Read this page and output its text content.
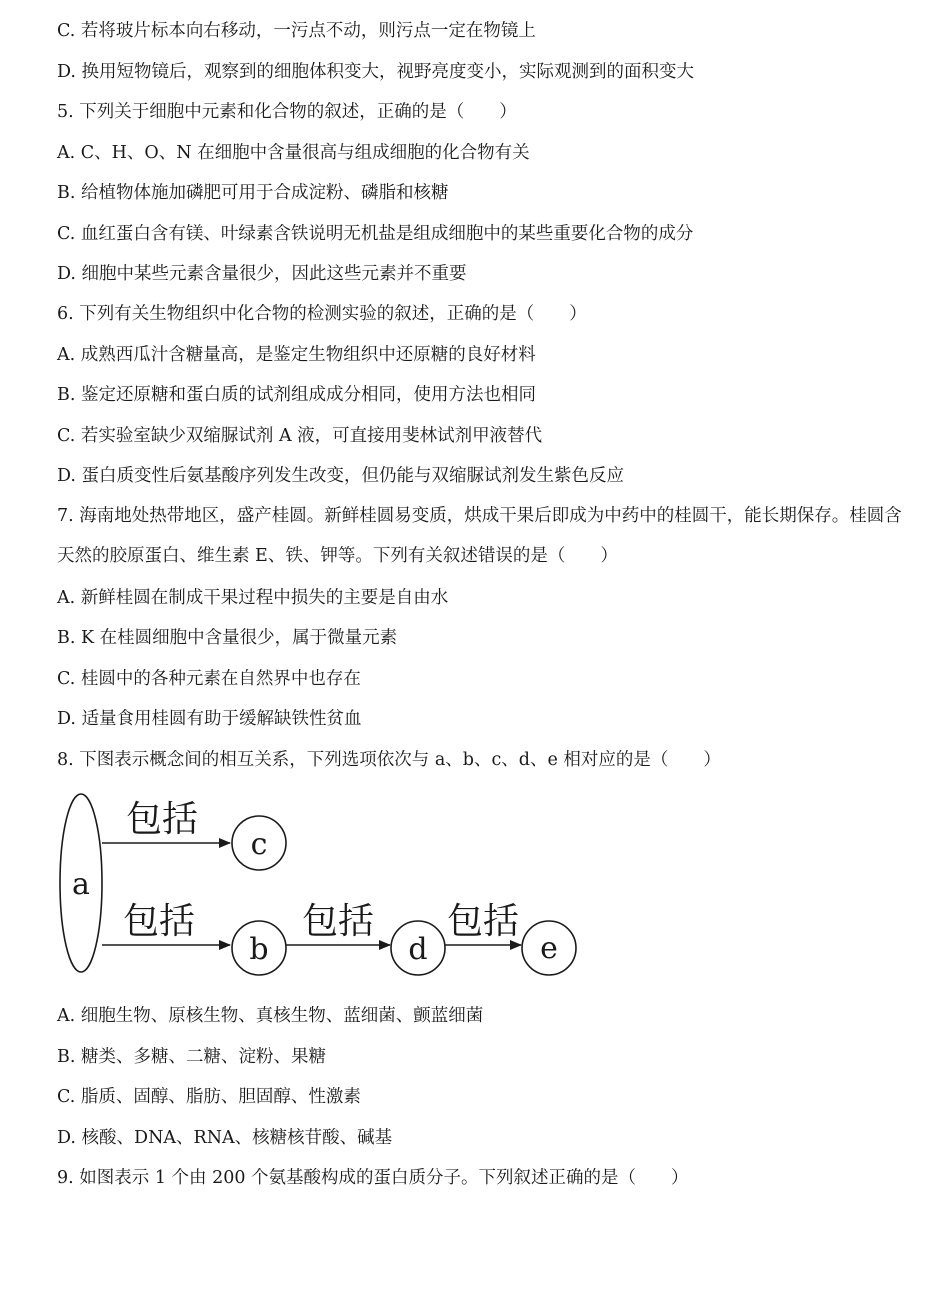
C. 若将玻片标本向右移动，一污点不动，则污点一定在物镜上
D. 换用短物镜后，观察到的细胞体积变大，视野亮度变小，实际观测到的面积变大
5. 下列关于细胞中元素和化合物的叙述，正确的是（　　）
A. C、H、O、N 在细胞中含量很高与组成细胞的化合物有关
B. 给植物体施加磷肥可用于合成淀粉、磷脂和核糖
C. 血红蛋白含有镁、叶绿素含铁说明无机盐是组成细胞中的某些重要化合物的成分
D. 细胞中某些元素含量很少，因此这些元素并不重要
6. 下列有关生物组织中化合物的检测实验的叙述，正确的是（　　）
A. 成熟西瓜汁含糖量高，是鉴定生物组织中还原糖的良好材料
B. 鉴定还原糖和蛋白质的试剂组成成分相同，使用方法也相同
C. 若实验室缺少双缩脲试剂 A 液，可直接用斐林试剂甲液替代
D. 蛋白质变性后氨基酸序列发生改变，但仍能与双缩脲试剂发生紫色反应
7. 海南地处热带地区，盛产桂圆。新鲜桂圆易变质，烘成干果后即成为中药中的桂圆干，能长期保存。桂圆含天然的胶原蛋白、维生素 E、铁、钾等。下列有关叙述错误的是（　　）
A. 新鲜桂圆在制成干果过程中损失的主要是自由水
B. K 在桂圆细胞中含量很少，属于微量元素
C. 桂圆中的各种元素在自然界中也存在
D. 适量食用桂圆有助于缓解缺铁性贫血
8. 下图表示概念间的相互关系，下列选项依次与 a、b、c、d、e 相对应的是（　　）
a
包括
c
包括
b
包括
d
包括
e
A. 细胞生物、原核生物、真核生物、蓝细菌、颤蓝细菌
B. 糖类、多糖、二糖、淀粉、果糖
C. 脂质、固醇、脂肪、胆固醇、性激素
D. 核酸、DNA、RNA、核糖核苷酸、碱基
9. 如图表示 1 个由 200 个氨基酸构成的蛋白质分子。下列叙述正确的是（　　）
